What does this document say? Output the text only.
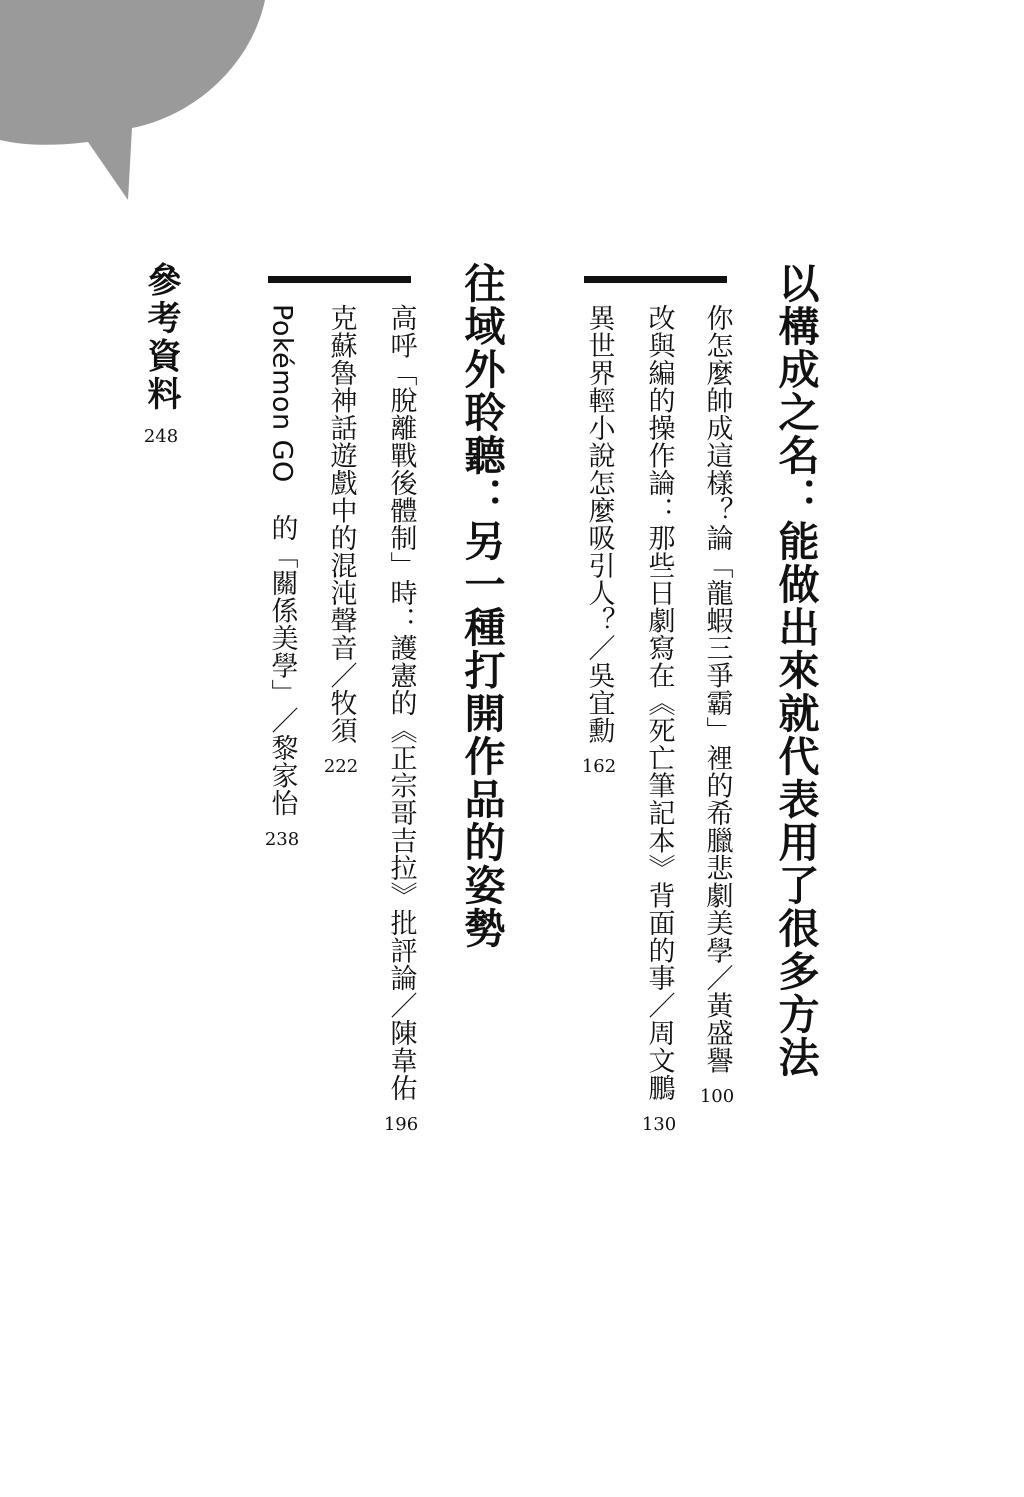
以構成之名：能做出來就代表用了很多方法
你怎麼帥成這樣？論「龍蝦三爭霸」裡的希臘悲劇美學／黃盛譽
100
改與編的操作論：那些日劇寫在《死亡筆記本》背面的事／周文鵬
130
異世界輕小說怎麼吸引人？／吳宜勳
162
往域外聆聽：另一種打開作品的姿勢
高呼「脫離戰後體制」時：護憲的《正宗哥吉拉》批評論／陳韋佑
196
克蘇魯神話遊戲中的混沌聲音／牧須
222
Pokémon GO 的「關係美學」／黎家怡
238
參考資料
248
